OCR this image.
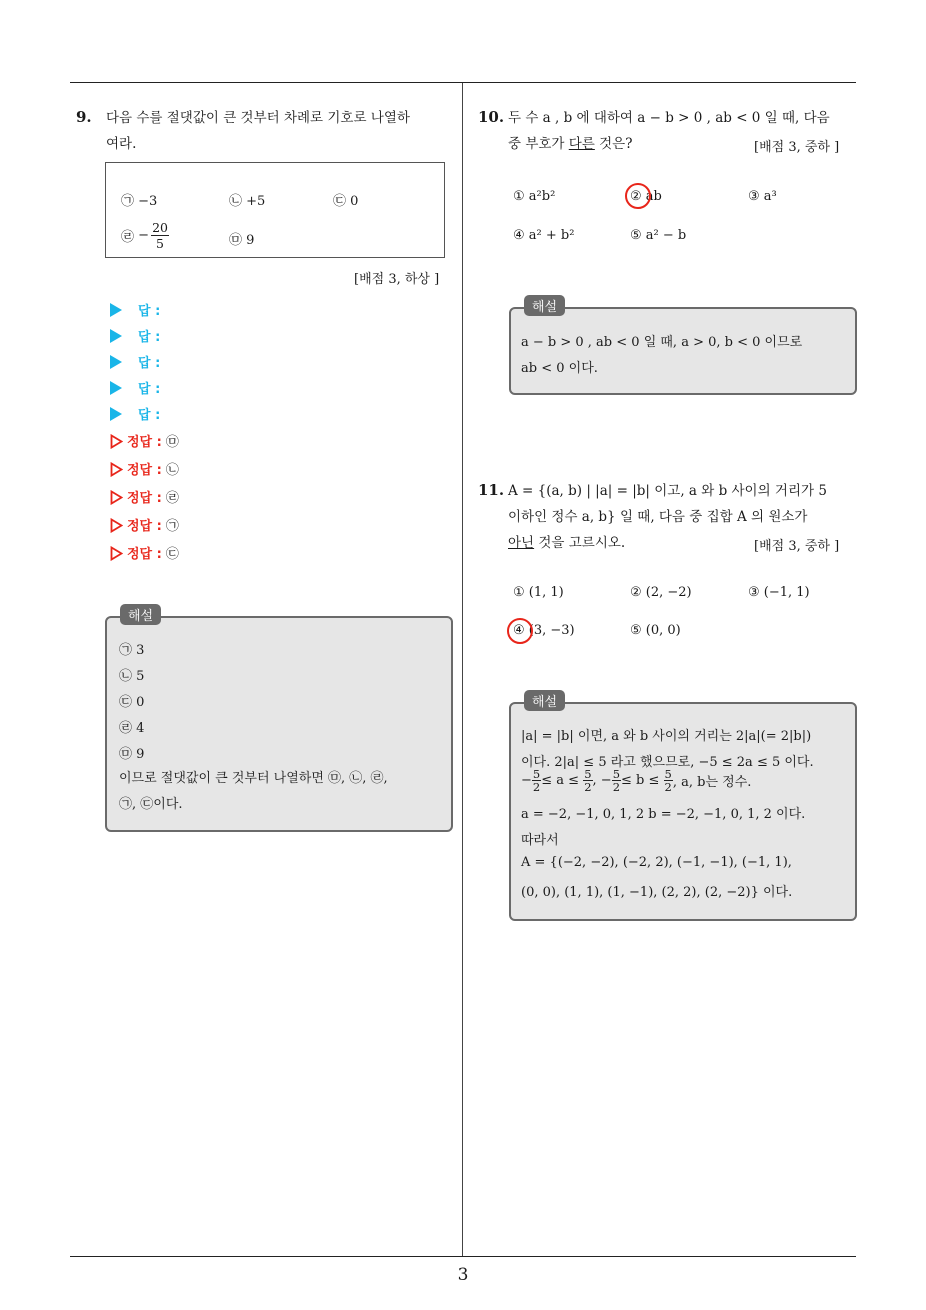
3
9. 다음 수를 절댓값이 큰 것부터 차례로 기호로 나열하
여라.
㉠ −3	㉡ +5	㉢ 0
㉣ − $\frac{20}{5}$	㉤ 9
[배점 3, 하상 ]
답 :
답 :
답 :
답 :
답 :
정답 : ㉤
정답 : ㉡
정답 : ㉣
정답 : ㉠
정답 : ㉢
해설
㉠ 3
㉡ 5
㉢ 0
㉣ 4
㉤ 9
이므로 절댓값이 큰 것부터 나열하면 ㉤, ㉡, ㉣,
㉠, ㉢이다.
10. 두 수 a , b 에 대하여 a − b > 0 , ab < 0 일 때, 다음
중 부호가 다른 것은?	[배점 3, 중하 ]
① a²b²	② ab	③ a³
④ a² + b²	⑤ a² − b
해설
a − b > 0 , ab < 0 일 때, a > 0, b < 0 이므로
ab < 0 이다.
11. A = {(a, b) | |a| = |b| 이고, a 와 b 사이의 거리가 5
이하인 정수 a, b} 일 때, 다음 중 집합 A 의 원소가
아닌 것을 고르시오.	[배점 3, 중하 ]
① (1, 1)	② (2, −2)	③ (−1, 1)
④ (3, −3)	⑤ (0, 0)
해설
|a| = |b| 이면, a 와 b 사이의 거리는 2|a|(= 2|b|)
이다. 2|a| ≤ 5 라고 했으므로, −5 ≤ 2a ≤ 5 이다.
− $\frac{5}{2} \le a \le \frac{5}{2}$ , − $\frac{5}{2} \le b \le \frac{5}{2}$ , a, b는 정수.
a = −2, −1, 0, 1, 2 b = −2, −1, 0, 1, 2 이다.
따라서
A = {(−2, −2), (−2, 2), (−1, −1), (−1, 1),
(0, 0), (1, 1), (1, −1), (2, 2), (2, −2)} 이다.
